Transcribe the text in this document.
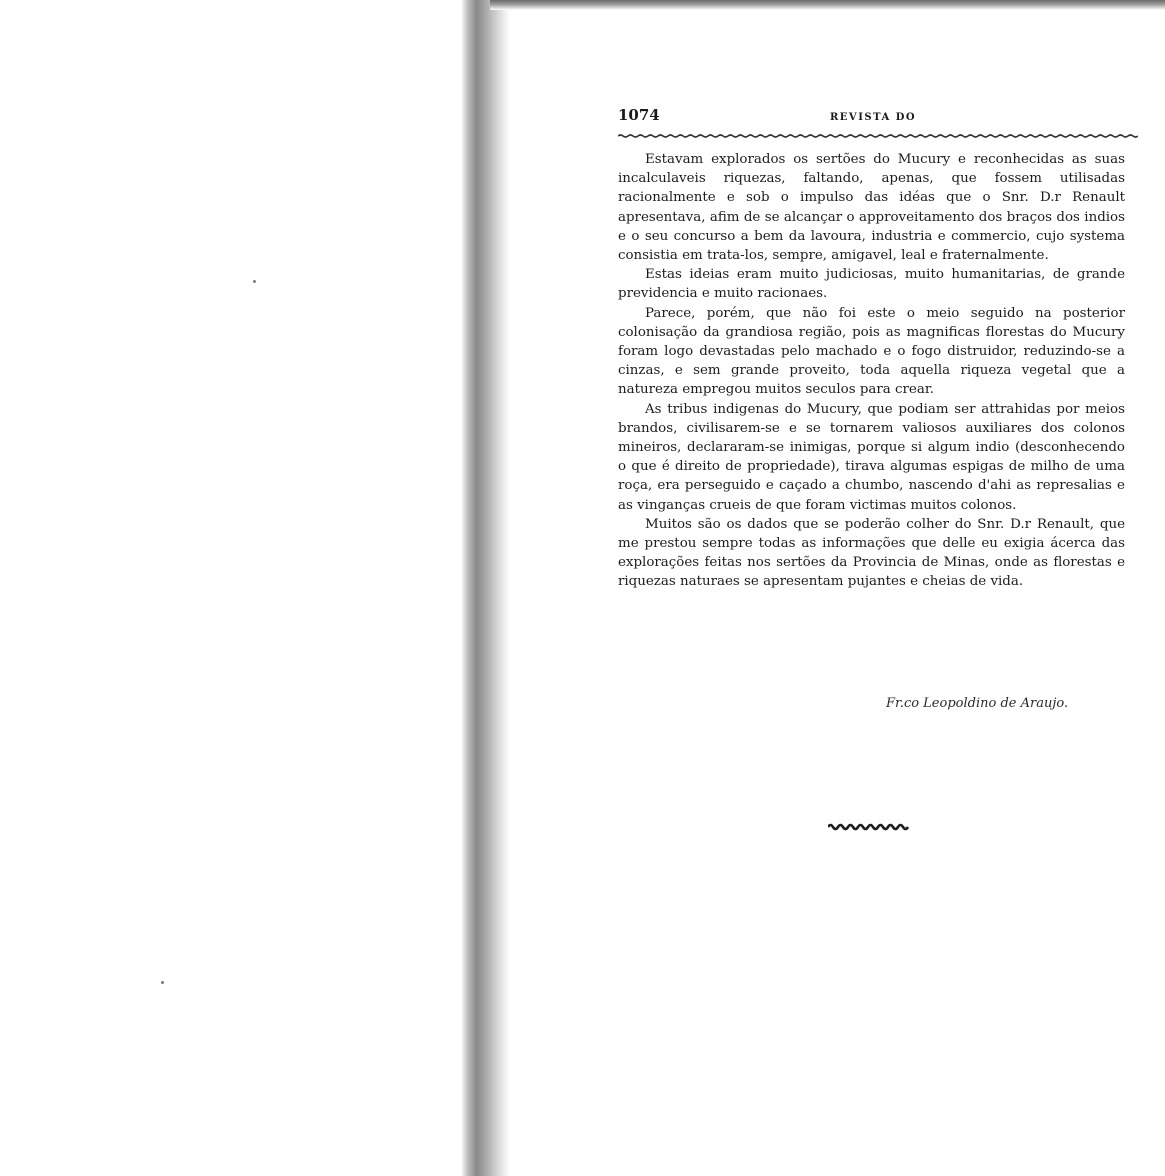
1074	REVISTA DO

Estavam explorados os sertões do Mucury e reconhecidas as suas incalculaveis riquezas, faltando, apenas, que fossem utilisadas racionalmente e sob o impulso das idéas que o Snr. D.r Renault apresentava, afim de se alcançar o approveitamento dos braços dos indios e o seu concurso a bem da lavoura, industria e commercio, cujo systema consistia em trata-los, sempre, amigavel, leal e fraternalmente.

Estas ideias eram muito judiciosas, muito humanitarias, de grande previdencia e muito racionaes.

Parece, porém, que não foi este o meio seguido na posterior colonisação da grandiosa região, pois as magnificas florestas do Mucury foram logo devastadas pelo machado e o fogo distruidor, reduzindo-se a cinzas, e sem grande proveito, toda aquella riqueza vegetal que a natureza empregou muitos seculos para crear.

As tribus indigenas do Mucury, que podiam ser attrahidas por meios brandos, civilisarem-se e se tornarem valiosos auxiliares dos colonos mineiros, declararam-se inimigas, porque si algum indio (desconhecendo o que é direito de propriedade), tirava algumas espigas de milho de uma roça, era perseguido e caçado a chumbo, nascendo d'ahi as represalias e as vinganças crueis de que foram victimas muitos colonos.

Muitos são os dados que se poderão colher do Snr. D.r Renault, que me prestou sempre todas as informações que delle eu exigia ácerca das explorações feitas nos sertões da Provincia de Minas, onde as florestas e riquezas naturaes se apresentam pujantes e cheias de vida.

Fr.co Leopoldino de Araujo.
